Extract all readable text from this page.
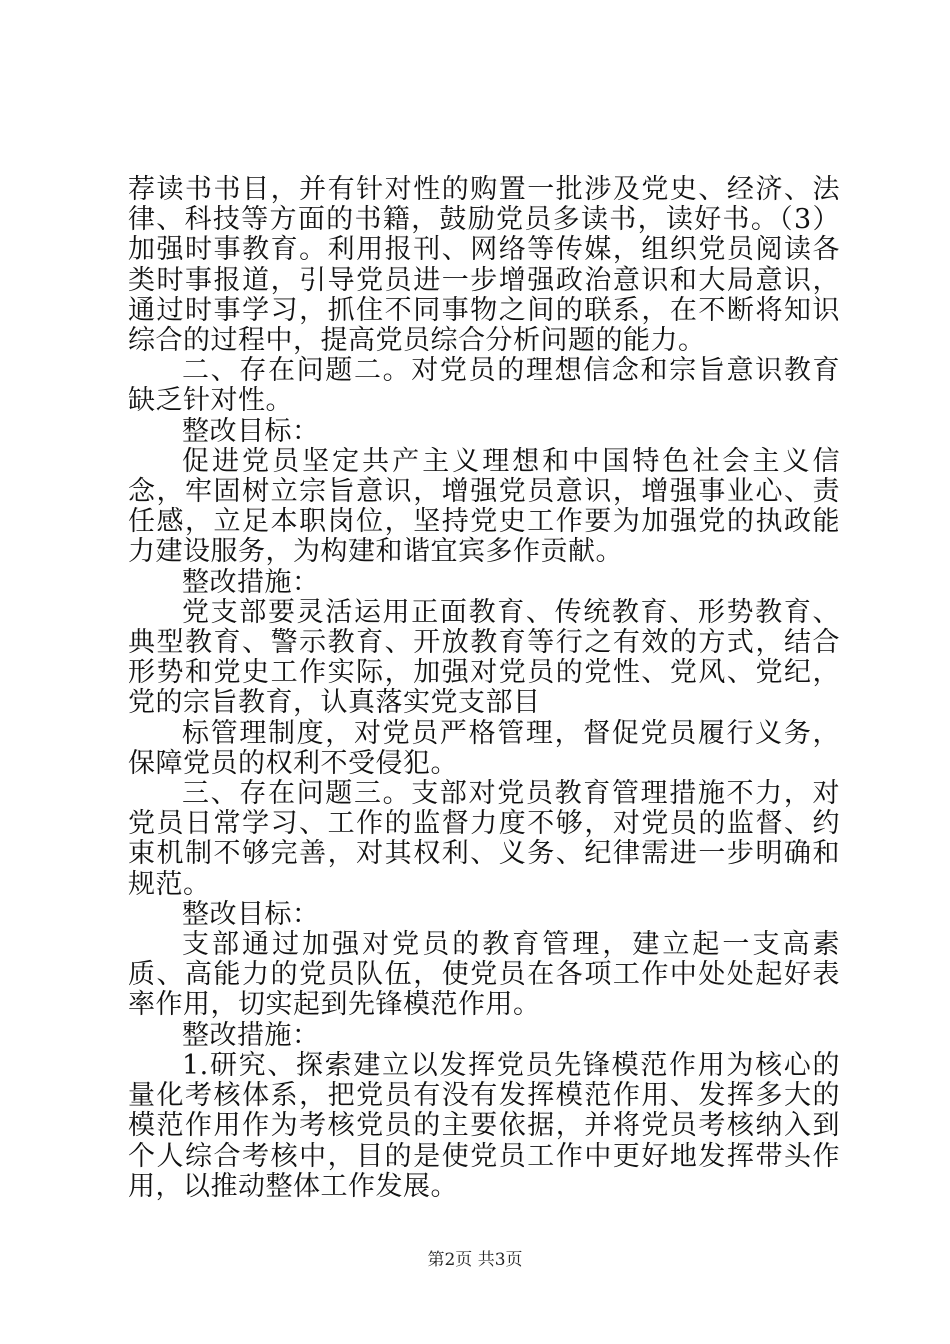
荐读书书目，并有针对性的购置一批涉及党史、经济、法律、科技等方面的书籍，鼓励党员多读书，读好书。（3）加强时事教育。利用报刊、网络等传媒，组织党员阅读各类时事报道，引导党员进一步增强政治意识和大局意识，通过时事学习，抓住不同事物之间的联系，在不断将知识综合的过程中，提高党员综合分析问题的能力。

二、存在问题二。对党员的理想信念和宗旨意识教育缺乏针对性。

整改目标：

促进党员坚定共产主义理想和中国特色社会主义信念，牢固树立宗旨意识，增强党员意识，增强事业心、责任感，立足本职岗位，坚持党史工作要为加强党的执政能力建设服务，为构建和谐宜宾多作贡献。

整改措施：

党支部要灵活运用正面教育、传统教育、形势教育、典型教育、警示教育、开放教育等行之有效的方式，结合形势和党史工作实际，加强对党员的党性、党风、党纪，党的宗旨教育，认真落实党支部目

标管理制度，对党员严格管理，督促党员履行义务，保障党员的权利不受侵犯。

三、存在问题三。支部对党员教育管理措施不力，对党员日常学习、工作的监督力度不够，对党员的监督、约束机制不够完善，对其权利、义务、纪律需进一步明确和规范。

整改目标：

支部通过加强对党员的教育管理，建立起一支高素质、高能力的党员队伍，使党员在各项工作中处处起好表率作用，切实起到先锋模范作用。

整改措施：

1.研究、探索建立以发挥党员先锋模范作用为核心的量化考核体系，把党员有没有发挥模范作用、发挥多大的模范作用作为考核党员的主要依据，并将党员考核纳入到个人综合考核中，目的是使党员工作中更好地发挥带头作用，以推动整体工作发展。

第2页 共3页
